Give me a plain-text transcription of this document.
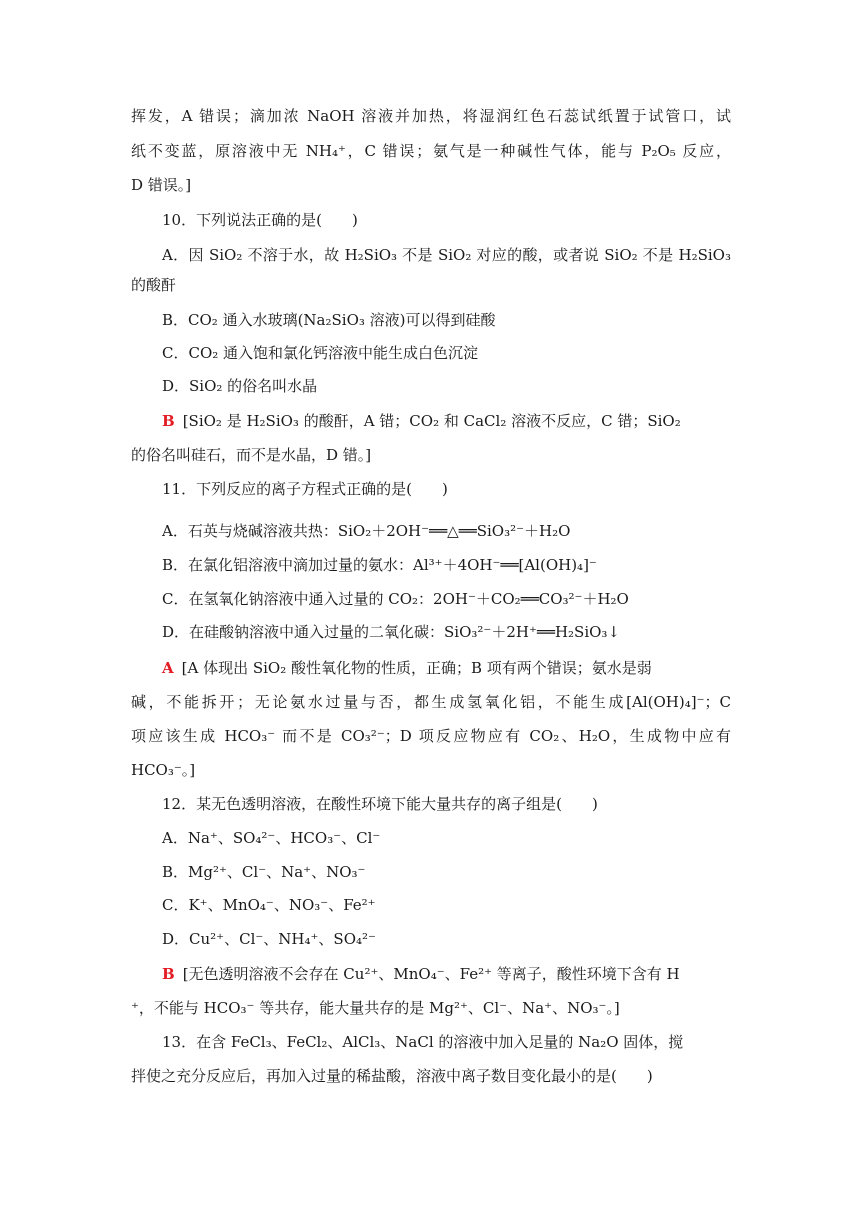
挥发，A 错误；滴加浓 NaOH 溶液并加热，将湿润红色石蕊试纸置于试管口，试
纸不变蓝，原溶液中无 NH₄⁺，C 错误；氨气是一种碱性气体，能与 P₂O₅ 反应，
D 错误。]
10．下列说法正确的是(　　)
A．因 SiO₂ 不溶于水，故 H₂SiO₃ 不是 SiO₂ 对应的酸，或者说 SiO₂ 不是 H₂SiO₃
的酸酐
B．CO₂ 通入水玻璃(Na₂SiO₃ 溶液)可以得到硅酸
C．CO₂ 通入饱和氯化钙溶液中能生成白色沉淀
D．SiO₂ 的俗名叫水晶
B [SiO₂ 是 H₂SiO₃ 的酸酐，A 错；CO₂ 和 CaCl₂ 溶液不反应，C 错；SiO₂
的俗名叫硅石，而不是水晶，D 错。]
11．下列反应的离子方程式正确的是(　　)
A．石英与烧碱溶液共热：SiO₂＋2OH⁻══△══SiO₃²⁻＋H₂O
B．在氯化铝溶液中滴加过量的氨水：Al³⁺＋4OH⁻══[Al(OH)₄]⁻
C．在氢氧化钠溶液中通入过量的 CO₂：2OH⁻＋CO₂══CO₃²⁻＋H₂O
D．在硅酸钠溶液中通入过量的二氧化碳：SiO₃²⁻＋2H⁺══H₂SiO₃↓
A [A 体现出 SiO₂ 酸性氧化物的性质，正确；B 项有两个错误；氨水是弱
碱，不能拆开；无论氨水过量与否，都生成氢氧化铝，不能生成[Al(OH)₄]⁻；C
项应该生成 HCO₃⁻ 而不是 CO₃²⁻；D 项反应物应有 CO₂、H₂O，生成物中应有
HCO₃⁻。]
12．某无色透明溶液，在酸性环境下能大量共存的离子组是(　　)
A．Na⁺、SO₄²⁻、HCO₃⁻、Cl⁻
B．Mg²⁺、Cl⁻、Na⁺、NO₃⁻
C．K⁺、MnO₄⁻、NO₃⁻、Fe²⁺
D．Cu²⁺、Cl⁻、NH₄⁺、SO₄²⁻
B [无色透明溶液不会存在 Cu²⁺、MnO₄⁻、Fe²⁺ 等离子，酸性环境下含有 H
⁺，不能与 HCO₃⁻ 等共存，能大量共存的是 Mg²⁺、Cl⁻、Na⁺、NO₃⁻。]
13．在含 FeCl₃、FeCl₂、AlCl₃、NaCl 的溶液中加入足量的 Na₂O 固体，搅
拌使之充分反应后，再加入过量的稀盐酸，溶液中离子数目变化最小的是(　　)
